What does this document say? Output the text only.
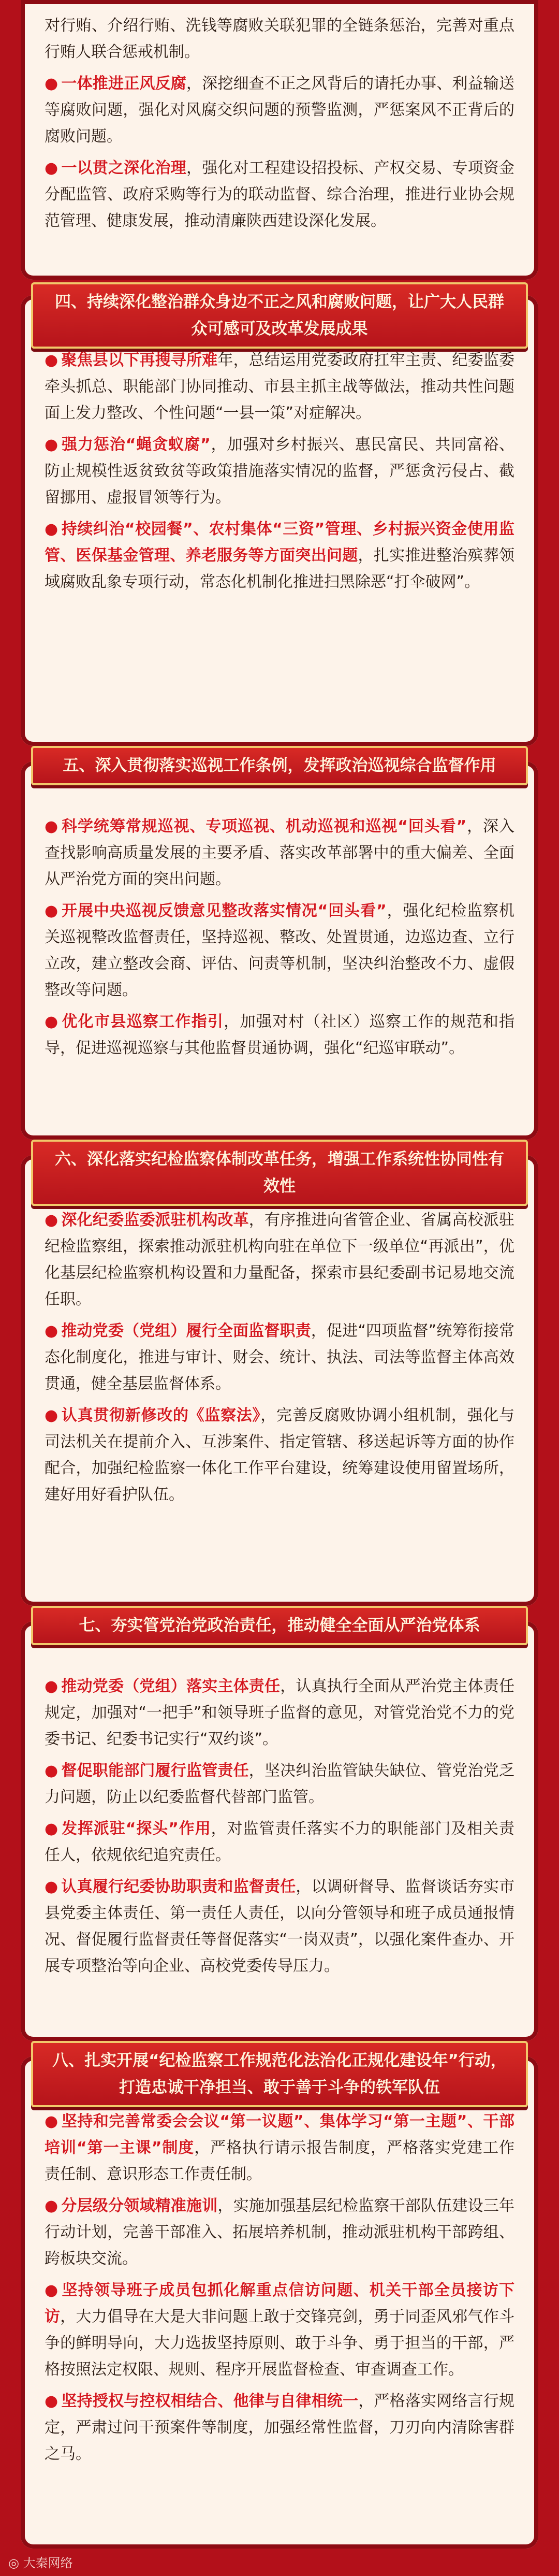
对行贿、介绍行贿、洗钱等腐败关联犯罪的全链条惩治，完善对重点行贿人联合惩戒机制。

● 一体推进正风反腐，深挖细查不正之风背后的请托办事、利益输送等腐败问题，强化对风腐交织问题的预警监测，严惩案风不正背后的腐败问题。

● 一以贯之深化治理，强化对工程建设招投标、产权交易、专项资金分配监管、政府采购等行为的联动监督、综合治理，推进行业协会规范管理、健康发展，推动清廉陕西建设深化发展。

● 聚焦县以下再搜寻所难年，总结运用党委政府扛牢主责、纪委监委牵头抓总、职能部门协同推动、市县主抓主战等做法，推动共性问题面上发力整改、个性问题“一县一策”对症解决。

● 强力惩治“蝇贪蚁腐”，加强对乡村振兴、惠民富民、共同富裕、防止规模性返贫致贫等政策措施落实情况的监督，严惩贪污侵占、截留挪用、虚报冒领等行为。

● 持续纠治“校园餐”、农村集体“三资”管理、乡村振兴资金使用监管、医保基金管理、养老服务等方面突出问题，扎实推进整治殡葬领域腐败乱象专项行动，常态化机制化推进扫黑除恶“打伞破网”。

四、持续深化整治群众身边不正之风和腐败问题，让广大人民群众可感可及改革发展成果

● 科学统筹常规巡视、专项巡视、机动巡视和巡视“回头看”，深入查找影响高质量发展的主要矛盾、落实改革部署中的重大偏差、全面从严治党方面的突出问题。

● 开展中央巡视反馈意见整改落实情况“回头看”，强化纪检监察机关巡视整改监督责任，坚持巡视、整改、处置贯通，边巡边查、立行立改，建立整改会商、评估、问责等机制，坚决纠治整改不力、虚假整改等问题。

● 优化市县巡察工作指引，加强对村（社区）巡察工作的规范和指导，促进巡视巡察与其他监督贯通协调，强化“纪巡审联动”。

五、深入贯彻落实巡视工作条例，发挥政治巡视综合监督作用

● 深化纪委监委派驻机构改革，有序推进向省管企业、省属高校派驻纪检监察组，探索推动派驻机构向驻在单位下一级单位“再派出”，优化基层纪检监察机构设置和力量配备，探索市县纪委副书记易地交流任职。

● 推动党委（党组）履行全面监督职责，促进“四项监督”统筹衔接常态化制度化，推进与审计、财会、统计、执法、司法等监督主体高效贯通，健全基层监督体系。

● 认真贯彻新修改的《监察法》，完善反腐败协调小组机制，强化与司法机关在提前介入、互涉案件、指定管辖、移送起诉等方面的协作配合，加强纪检监察一体化工作平台建设，统筹建设使用留置场所，建好用好看护队伍。

六、深化落实纪检监察体制改革任务，增强工作系统性协同性有效性

● 推动党委（党组）落实主体责任，认真执行全面从严治党主体责任规定，加强对“一把手”和领导班子监督的意见，对管党治党不力的党委书记、纪委书记实行“双约谈”。

● 督促职能部门履行监管责任，坚决纠治监管缺失缺位、管党治党乏力问题，防止以纪委监督代替部门监管。

● 发挥派驻“探头”作用，对监管责任落实不力的职能部门及相关责任人，依规依纪追究责任。

● 认真履行纪委协助职责和监督责任，以调研督导、监督谈话夯实市县党委主体责任、第一责任人责任，以向分管领导和班子成员通报情况、督促履行监督责任等督促落实“一岗双责”，以强化案件查办、开展专项整治等向企业、高校党委传导压力。

七、夯实管党治党政治责任，推动健全全面从严治党体系

● 坚持和完善常委会会议“第一议题”、集体学习“第一主题”、干部培训“第一主课”制度，严格执行请示报告制度，严格落实党建工作责任制、意识形态工作责任制。

● 分层级分领域精准施训，实施加强基层纪检监察干部队伍建设三年行动计划，完善干部准入、拓展培养机制，推动派驻机构干部跨组、跨板块交流。

● 坚持领导班子成员包抓化解重点信访问题、机关干部全员接访下访，大力倡导在大是大非问题上敢于交锋亮剑，勇于同歪风邪气作斗争的鲜明导向，大力选拔坚持原则、敢于斗争、勇于担当的干部，严格按照法定权限、规则、程序开展监督检查、审查调查工作。

● 坚持授权与控权相结合、他律与自律相统一，严格落实网络言行规定，严肃过问干预案件等制度，加强经常性监督，刀刃向内清除害群之马。

八、扎实开展“纪检监察工作规范化法治化正规化建设年”行动，打造忠诚干净担当、敢于善于斗争的铁军队伍
◎ 大秦网络
